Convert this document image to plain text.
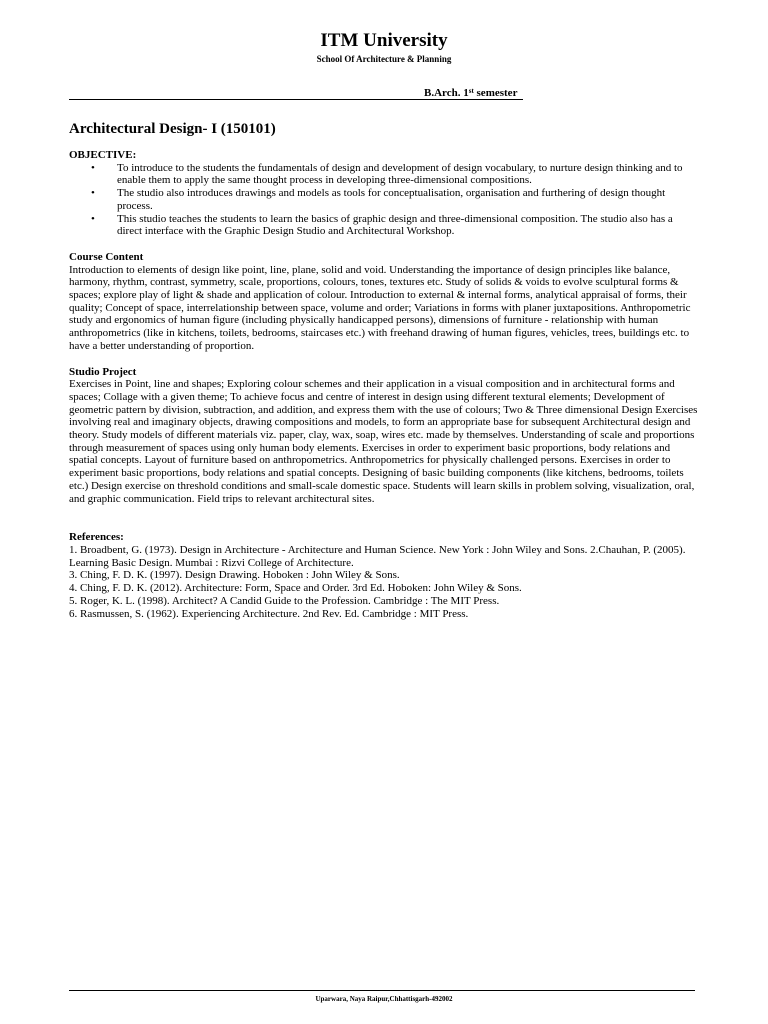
ITM University
School Of Architecture & Planning
B.Arch. 1st semester
Architectural Design- I (150101)

OBJECTIVE:

• To introduce to the students the fundamentals of design and development of design vocabulary, to nurture design thinking and to enable them to apply the same thought process in developing three-dimensional compositions.
• The studio also introduces drawings and models as tools for conceptualisation, organisation and furthering of design thought process.
• This studio teaches the students to learn the basics of graphic design and three-dimensional composition. The studio also has a direct interface with the Graphic Design Studio and Architectural Workshop.

Course Content

Introduction to elements of design like point, line, plane, solid and void. Understanding the importance of design principles like balance, harmony, rhythm, contrast, symmetry, scale, proportions, colours, tones, textures etc. Study of solids & voids to evolve sculptural forms & spaces; explore play of light & shade and application of colour. Introduction to external & internal forms, analytical appraisal of forms, their quality; Concept of space, interrelationship between space, volume and order; Variations in forms with planer juxtapositions. Anthropometric study and ergonomics of human figure (including physically handicapped persons), dimensions of furniture - relationship with human anthropometrics (like in kitchens, toilets, bedrooms, staircases etc.) with freehand drawing of human figures, vehicles, trees, buildings etc. to have a better understanding of proportion.

Studio Project

Exercises in Point, line and shapes; Exploring colour schemes and their application in a visual composition and in architectural forms and spaces; Collage with a given theme; To achieve focus and centre of interest in design using different textural elements; Development of geometric pattern by division, subtraction, and addition, and express them with the use of colours; Two & Three dimensional Design Exercises involving real and imaginary objects, drawing compositions and models, to form an appropriate base for subsequent Architectural design and theory. Study models of different materials viz. paper, clay, wax, soap, wires etc. made by themselves. Understanding of scale and proportions through measurement of spaces using only human body elements. Exercises in order to experiment basic proportions, body relations and spatial concepts. Layout of furniture based on anthropometrics. Anthropometrics for physically challenged persons. Exercises in order to experiment basic proportions, body relations and spatial concepts. Designing of basic building components (like kitchens, bedrooms, toilets etc.) Design exercise on threshold conditions and small-scale domestic space. Students will learn skills in problem solving, visualization, oral, and graphic communication. Field trips to relevant architectural sites.

References:

1. Broadbent, G. (1973). Design in Architecture - Architecture and Human Science. New York : John Wiley and Sons. 2.Chauhan, P. (2005). Learning Basic Design. Mumbai : Rizvi College of Architecture.

3. Ching, F. D. K. (1997). Design Drawing. Hoboken : John Wiley & Sons.

4. Ching, F. D. K. (2012). Architecture: Form, Space and Order. 3rd Ed. Hoboken: John Wiley & Sons.

5. Roger, K. L. (1998). Architect? A Candid Guide to the Profession. Cambridge : The MIT Press.

6. Rasmussen, S. (1962). Experiencing Architecture. 2nd Rev. Ed. Cambridge : MIT Press.

Uparwara, Naya Raipur,Chhattisgarh-492002
